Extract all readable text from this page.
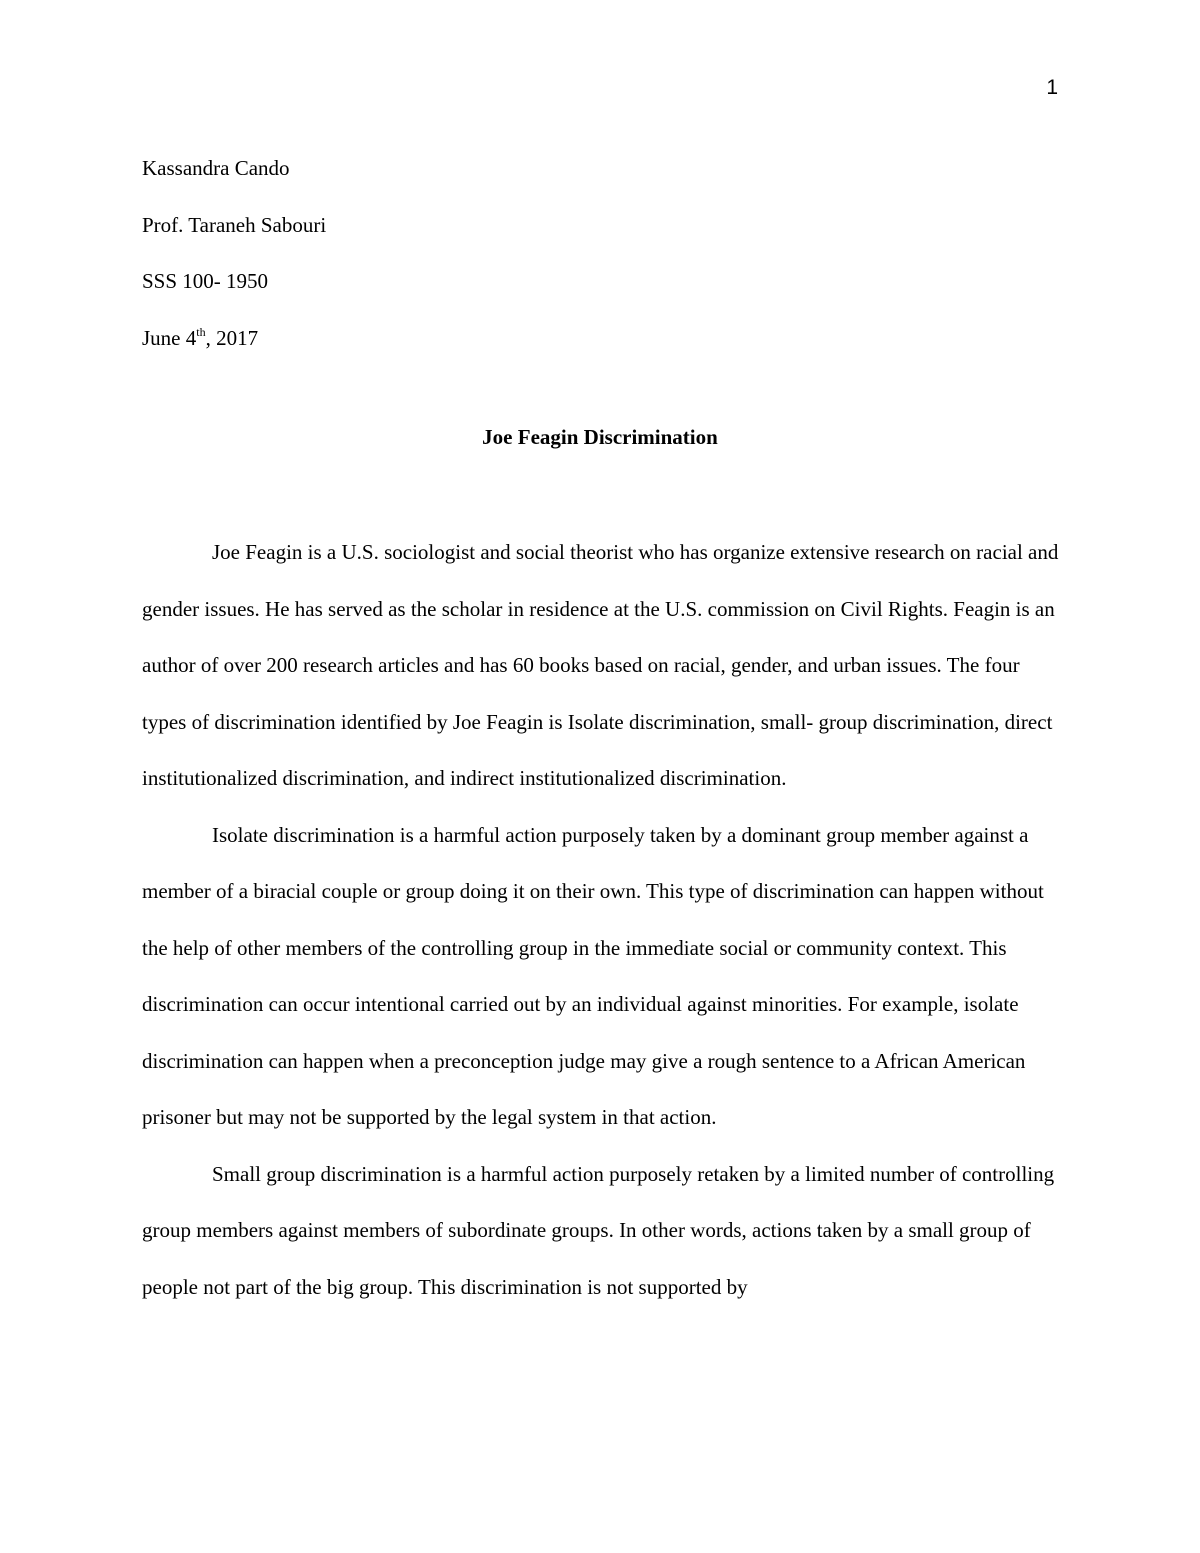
1
Kassandra Cando
Prof. Taraneh Sabouri
SSS 100- 1950
June 4th, 2017
Joe Feagin Discrimination

Joe Feagin is a U.S. sociologist and social theorist who has organize extensive research on racial and gender issues. He has served as the scholar in residence at the U.S. commission on Civil Rights. Feagin is an author of over 200 research articles and has 60 books based on racial, gender, and urban issues. The four types of discrimination identified by Joe Feagin is Isolate discrimination, small- group discrimination, direct institutionalized discrimination, and indirect institutionalized discrimination.

Isolate discrimination is a harmful action purposely taken by a dominant group member against a member of a biracial couple or group doing it on their own. This type of discrimination can happen without the help of other members of the controlling group in the immediate social or community context. This discrimination can occur intentional carried out by an individual against minorities. For example, isolate discrimination can happen when a preconception judge may give a rough sentence to a African American prisoner but may not be supported by the legal system in that action.

Small group discrimination is a harmful action purposely retaken by a limited number of controlling group members against members of subordinate groups. In other words, actions taken by a small group of people not part of the big group. This discrimination is not supported by
